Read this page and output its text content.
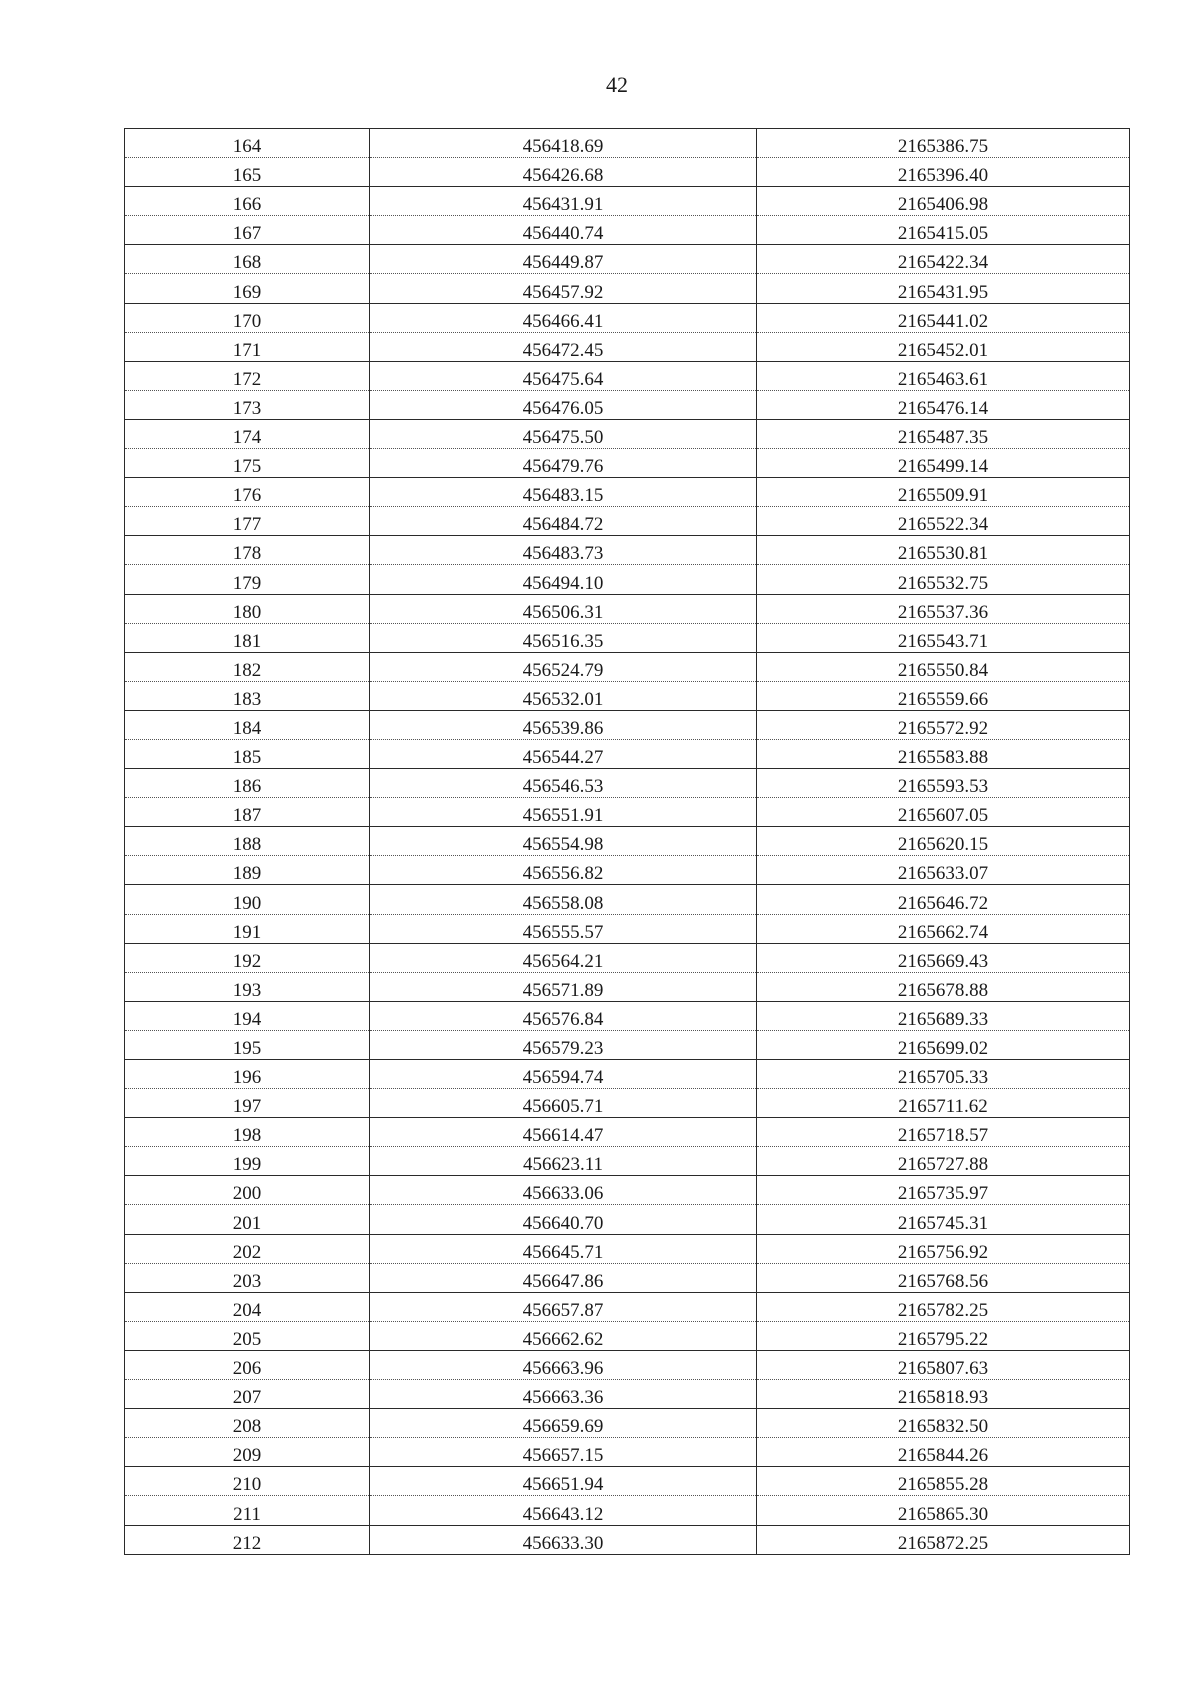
42
164	456418.69	2165386.75
165	456426.68	2165396.40
166	456431.91	2165406.98
167	456440.74	2165415.05
168	456449.87	2165422.34
169	456457.92	2165431.95
170	456466.41	2165441.02
171	456472.45	2165452.01
172	456475.64	2165463.61
173	456476.05	2165476.14
174	456475.50	2165487.35
175	456479.76	2165499.14
176	456483.15	2165509.91
177	456484.72	2165522.34
178	456483.73	2165530.81
179	456494.10	2165532.75
180	456506.31	2165537.36
181	456516.35	2165543.71
182	456524.79	2165550.84
183	456532.01	2165559.66
184	456539.86	2165572.92
185	456544.27	2165583.88
186	456546.53	2165593.53
187	456551.91	2165607.05
188	456554.98	2165620.15
189	456556.82	2165633.07
190	456558.08	2165646.72
191	456555.57	2165662.74
192	456564.21	2165669.43
193	456571.89	2165678.88
194	456576.84	2165689.33
195	456579.23	2165699.02
196	456594.74	2165705.33
197	456605.71	2165711.62
198	456614.47	2165718.57
199	456623.11	2165727.88
200	456633.06	2165735.97
201	456640.70	2165745.31
202	456645.71	2165756.92
203	456647.86	2165768.56
204	456657.87	2165782.25
205	456662.62	2165795.22
206	456663.96	2165807.63
207	456663.36	2165818.93
208	456659.69	2165832.50
209	456657.15	2165844.26
210	456651.94	2165855.28
211	456643.12	2165865.30
212	456633.30	2165872.25
